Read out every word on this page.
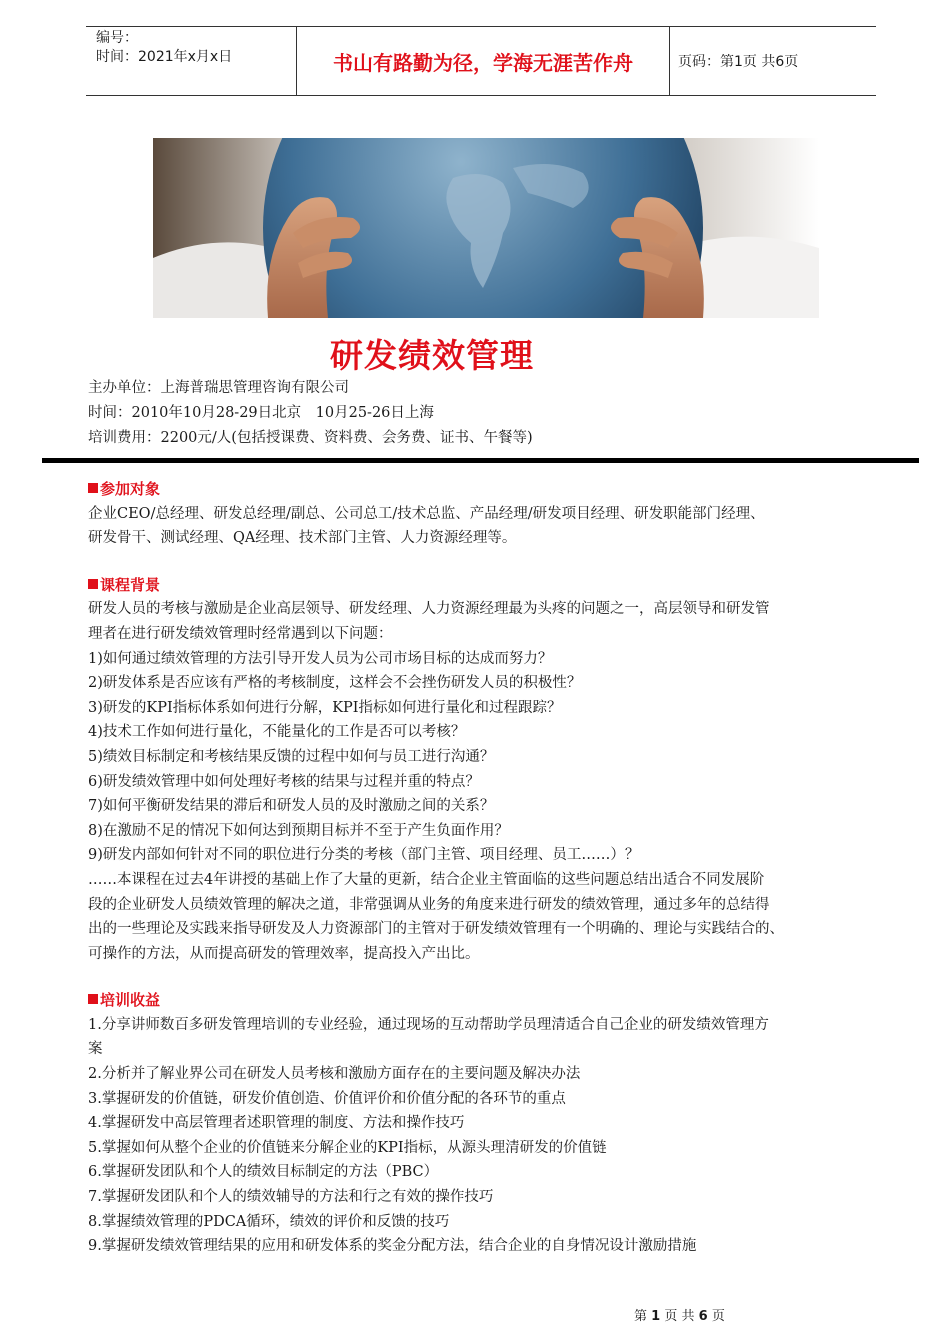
编号：
时间：2021年x月x日	书山有路勤为径，学海无涯苦作舟	页码：第1页 共6页
研发绩效管理
主办单位：上海普瑞思管理咨询有限公司
时间：2010年10月28-29日北京　10月25-26日上海
培训费用：2200元/人(包括授课费、资料费、会务费、证书、午餐等)
参加对象

企业CEO/总经理、研发总经理/副总、公司总工/技术总监、产品经理/研发项目经理、研发职能部门经理、

研发骨干、测试经理、QA经理、技术部门主管、人力资源经理等。

课程背景

研发人员的考核与激励是企业高层领导、研发经理、人力资源经理最为头疼的问题之一，高层领导和研发管

理者在进行研发绩效管理时经常遇到以下问题：

1)如何通过绩效管理的方法引导开发人员为公司市场目标的达成而努力？

2)研发体系是否应该有严格的考核制度，这样会不会挫伤研发人员的积极性？

3)研发的KPI指标体系如何进行分解，KPI指标如何进行量化和过程跟踪？

4)技术工作如何进行量化，不能量化的工作是否可以考核？

5)绩效目标制定和考核结果反馈的过程中如何与员工进行沟通？

6)研发绩效管理中如何处理好考核的结果与过程并重的特点？

7)如何平衡研发结果的滞后和研发人员的及时激励之间的关系？

8)在激励不足的情况下如何达到预期目标并不至于产生负面作用？

9)研发内部如何针对不同的职位进行分类的考核（部门主管、项目经理、员工……）？

……本课程在过去4年讲授的基础上作了大量的更新，结合企业主管面临的这些问题总结出适合不同发展阶

段的企业研发人员绩效管理的解决之道，非常强调从业务的角度来进行研发的绩效管理，通过多年的总结得

出的一些理论及实践来指导研发及人力资源部门的主管对于研发绩效管理有一个明确的、理论与实践结合的、

可操作的方法，从而提高研发的管理效率，提高投入产出比。

培训收益

1.分享讲师数百多研发管理培训的专业经验，通过现场的互动帮助学员理清适合自己企业的研发绩效管理方

案

2.分析并了解业界公司在研发人员考核和激励方面存在的主要问题及解决办法

3.掌握研发的价值链，研发价值创造、价值评价和价值分配的各环节的重点

4.掌握研发中高层管理者述职管理的制度、方法和操作技巧

5.掌握如何从整个企业的价值链来分解企业的KPI指标，从源头理清研发的价值链

6.掌握研发团队和个人的绩效目标制定的方法（PBC）

7.掌握研发团队和个人的绩效辅导的方法和行之有效的操作技巧

8.掌握绩效管理的PDCA循环，绩效的评价和反馈的技巧

9.掌握研发绩效管理结果的应用和研发体系的奖金分配方法，结合企业的自身情况设计激励措施

第 1 页 共 6 页
